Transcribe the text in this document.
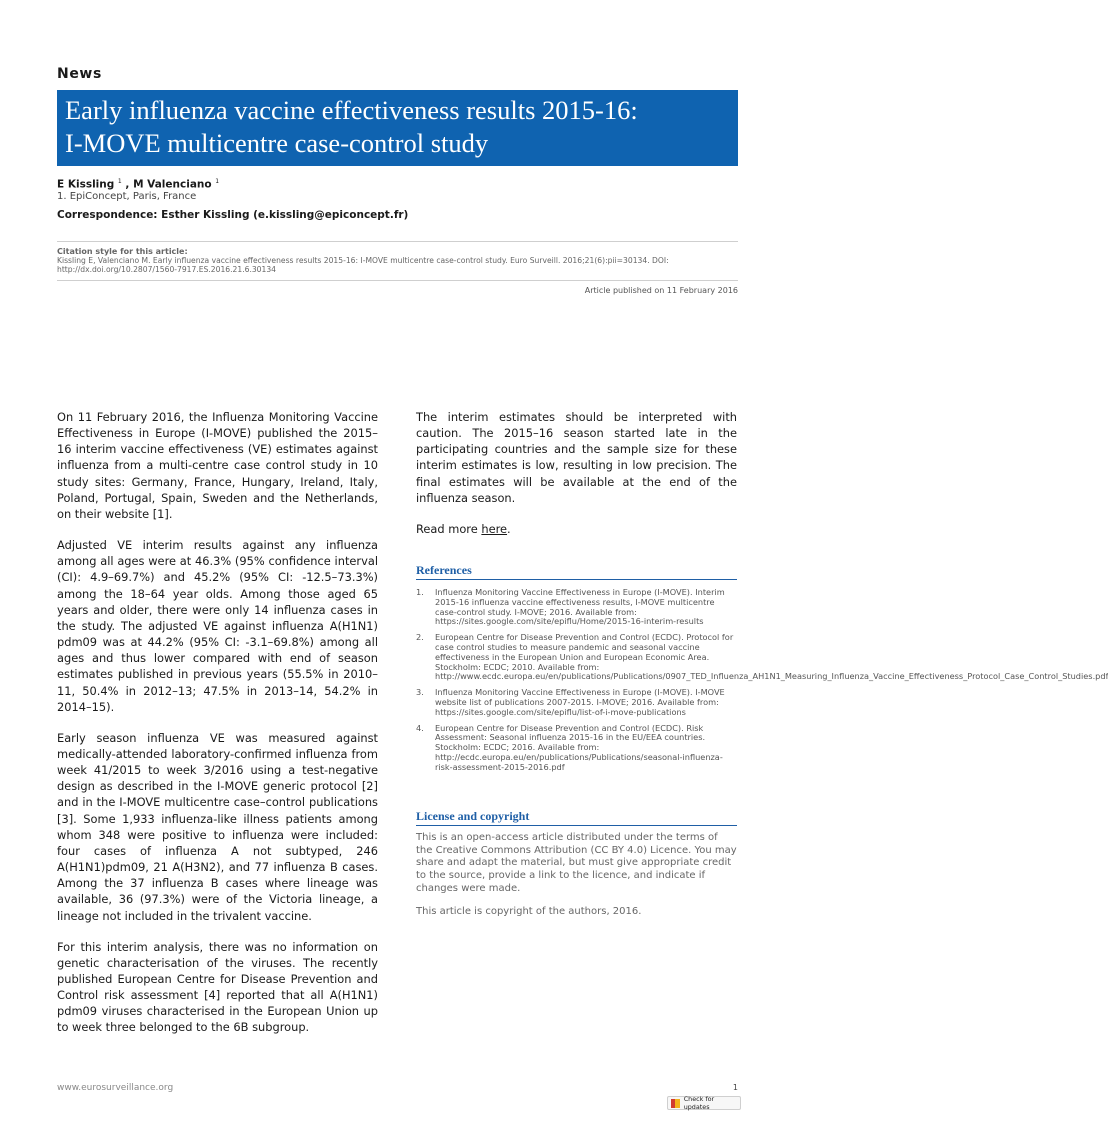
News
Early influenza vaccine effectiveness results 2015-16:
I-MOVE multicentre case-control study
E Kissling $^1$ , M Valenciano $^1$
1. EpiConcept, Paris, France
Correspondence: Esther Kissling (e.kissling@epiconcept.fr)
Citation style for this article:
Kissling E, Valenciano M. Early influenza vaccine effectiveness results 2015-16: I-MOVE multicentre case-control study. Euro Surveill. 2016;21(6):pii=30134. DOI:
http://dx.doi.org/10.2807/1560-7917.ES.2016.21.6.30134
Article published on 11 February 2016

On 11 February 2016, the Influenza Monitoring Vaccine Effectiveness in Europe (I-MOVE) published the 2015–16 interim vaccine effectiveness (VE) estimates against influenza from a multi-centre case control study in 10 study sites: Germany, France, Hungary, Ireland, Italy, Poland, Portugal, Spain, Sweden and the Netherlands, on their website [1].

Adjusted VE interim results against any influenza among all ages were at 46.3% (95% confidence interval (CI): 4.9–69.7%) and 45.2% (95% CI: -12.5–73.3%) among the 18–64 year olds. Among those aged 65 years and older, there were only 14 influenza cases in the study. The adjusted VE against influenza A(H1N1) pdm09 was at 44.2% (95% CI: -3.1–69.8%) among all ages and thus lower compared with end of season estimates published in previous years (55.5% in 2010–11, 50.4% in 2012–13; 47.5% in 2013–14, 54.2% in 2014–15).

Early season influenza VE was measured against medically-attended laboratory-confirmed influenza from week 41/2015 to week 3/2016 using a test-negative design as described in the I-MOVE generic protocol [2] and in the I-MOVE multicentre case–control publications [3]. Some 1,933 influenza-like illness patients among whom 348 were positive to influenza were included: four cases of influenza A not subtyped, 246 A(H1N1)pdm09, 21 A(H3N2), and 77 influenza B cases. Among the 37 influenza B cases where lineage was available, 36 (97.3%) were of the Victoria lineage, a lineage not included in the trivalent vaccine.

For this interim analysis, there was no information on genetic characterisation of the viruses. The recently published European Centre for Disease Prevention and Control risk assessment [4] reported that all A(H1N1) pdm09 viruses characterised in the European Union up to week three belonged to the 6B subgroup.

The interim estimates should be interpreted with caution. The 2015–16 season started late in the participating countries and the sample size for these interim estimates is low, resulting in low precision. The final estimates will be available at the end of the influenza season.

Read more here.

References
1. Influenza Monitoring Vaccine Effectiveness in Europe (I-MOVE). Interim 2015-16 influenza vaccine effectiveness results, I-MOVE multicentre case-control study. I-MOVE; 2016. Available from: https://sites.google.com/site/epiflu/Home/2015-16-interim-results
2. European Centre for Disease Prevention and Control (ECDC). Protocol for case control studies to measure pandemic and seasonal vaccine effectiveness in the European Union and European Economic Area. Stockholm: ECDC; 2010. Available from: http://www.ecdc.europa.eu/en/publications/Publications/0907_TED_Influenza_AH1N1_Measuring_Influenza_Vaccine_Effectiveness_Protocol_Case_Control_Studies.pdf
3. Influenza Monitoring Vaccine Effectiveness in Europe (I-MOVE). I-MOVE website list of publications 2007-2015. I-MOVE; 2016. Available from: https://sites.google.com/site/epiflu/list-of-i-move-publications
4. European Centre for Disease Prevention and Control (ECDC). Risk Assessment: Seasonal influenza 2015-16 in the EU/EEA countries. Stockholm: ECDC; 2016. Available from: http://ecdc.europa.eu/en/publications/Publications/seasonal-influenza-risk-assessment-2015-2016.pdf
License and copyright

This is an open-access article distributed under the terms of the Creative Commons Attribution (CC BY 4.0) Licence. You may share and adapt the material, but must give appropriate credit to the source, provide a link to the licence, and indicate if changes were made.

This article is copyright of the authors, 2016.

www.eurosurveillance.org	1
Check for updates
